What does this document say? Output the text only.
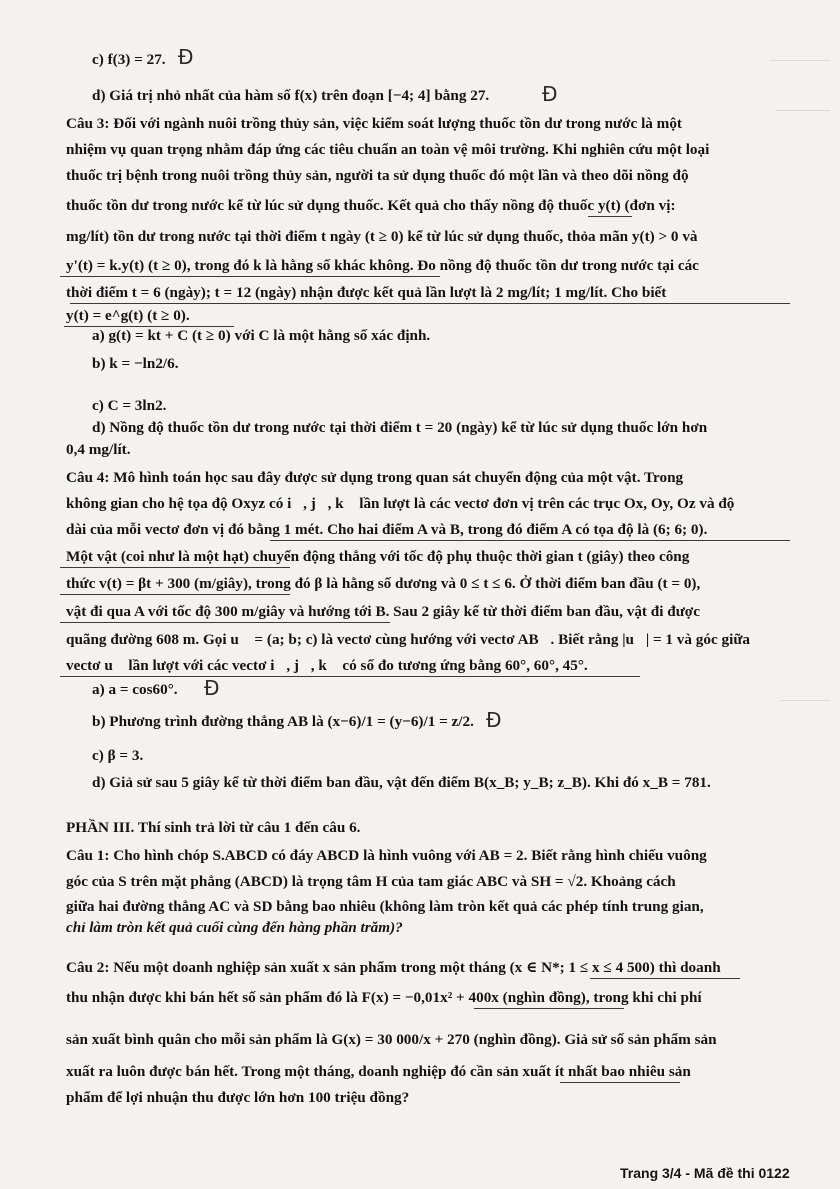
c) f(3) = 27. Đ
d) Giá trị nhỏ nhất của hàm số f(x) trên đoạn [−4; 4] bằng 27.	Đ
Câu 3: Đối với ngành nuôi trồng thủy sản, việc kiểm soát lượng thuốc tồn dư trong nước là một
nhiệm vụ quan trọng nhằm đáp ứng các tiêu chuẩn an toàn vệ môi trường. Khi nghiên cứu một loại
thuốc trị bệnh trong nuôi trồng thủy sản, người ta sử dụng thuốc đó một lần và theo dõi nồng độ
thuốc tồn dư trong nước kể từ lúc sử dụng thuốc. Kết quả cho thấy nồng độ thuốc y(t) (đơn vị:
mg/lít) tồn dư trong nước tại thời điểm t ngày (t ≥ 0) kể từ lúc sử dụng thuốc, thỏa mãn y(t) > 0 và
y'(t) = k.y(t) (t ≥ 0), trong đó k là hằng số khác không. Đo nồng độ thuốc tồn dư trong nước tại các
thời điểm t = 6 (ngày); t = 12 (ngày) nhận được kết quả lần lượt là 2 mg/lít; 1 mg/lít. Cho biết
y(t) = e^g(t) (t ≥ 0).
a) g(t) = kt + C (t ≥ 0) với C là một hằng số xác định.
b) k = −ln2/6.
c) C = 3ln2.
d) Nồng độ thuốc tồn dư trong nước tại thời điểm t = 20 (ngày) kể từ lúc sử dụng thuốc lớn hơn
0,4 mg/lít.
Câu 4: Mô hình toán học sau đây được sử dụng trong quan sát chuyển động của một vật. Trong
không gian cho hệ tọa độ Oxyz có i⃗, j⃗, k⃗ lần lượt là các vectơ đơn vị trên các trục Ox, Oy, Oz và độ
dài của mỗi vectơ đơn vị đó bằng 1 mét. Cho hai điểm A và B, trong đó điểm A có tọa độ là (6; 6; 0).
Một vật (coi như là một hạt) chuyển động thẳng với tốc độ phụ thuộc thời gian t (giây) theo công
thức v(t) = βt + 300 (m/giây), trong đó β là hằng số dương và 0 ≤ t ≤ 6. Ở thời điểm ban đầu (t = 0),
vật đi qua A với tốc độ 300 m/giây và hướng tới B. Sau 2 giây kể từ thời điểm ban đầu, vật đi được
quãng đường 608 m. Gọi u⃗ = (a; b; c) là vectơ cùng hướng với vectơ AB⃗. Biết rằng |u⃗| = 1 và góc giữa
vectơ u⃗ lần lượt với các vectơ i⃗, j⃗, k⃗ có số đo tương ứng bằng 60°, 60°, 45°.
a) a = cos60°.	Đ
b) Phương trình đường thẳng AB là (x−6)/1 = (y−6)/1 = z/2. Đ
c) β = 3.
d) Giả sử sau 5 giây kể từ thời điểm ban đầu, vật đến điểm B(x_B; y_B; z_B). Khi đó x_B = 781.
PHẦN III. Thí sinh trả lời từ câu 1 đến câu 6.
Câu 1: Cho hình chóp S.ABCD có đáy ABCD là hình vuông với AB = 2. Biết rằng hình chiếu vuông
góc của S trên mặt phẳng (ABCD) là trọng tâm H của tam giác ABC và SH = √2. Khoảng cách
giữa hai đường thẳng AC và SD bằng bao nhiêu (không làm tròn kết quả các phép tính trung gian,
chỉ làm tròn kết quả cuối cùng đến hàng phần trăm)?
Câu 2: Nếu một doanh nghiệp sản xuất x sản phẩm trong một tháng (x ∈ N*; 1 ≤ x ≤ 4 500) thì doanh
thu nhận được khi bán hết số sản phẩm đó là F(x) = −0,01x² + 400x (nghìn đồng), trong khi chi phí
sản xuất bình quân cho mỗi sản phẩm là G(x) = 30 000/x + 270 (nghìn đồng). Giả sử số sản phẩm sản
xuất ra luôn được bán hết. Trong một tháng, doanh nghiệp đó cần sản xuất ít nhất bao nhiêu sản
phẩm để lợi nhuận thu được lớn hơn 100 triệu đồng?
Trang 3/4 - Mã đề thi 0122
